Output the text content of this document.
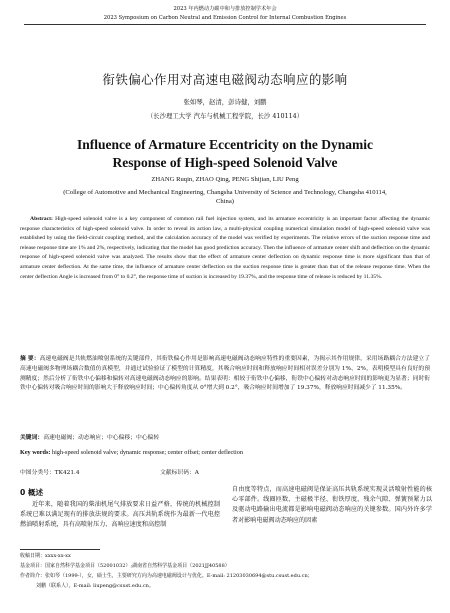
2023 年内燃动力碳中和与排放控制学术年会
2023 Symposium on Carbon Neutral and Emission Control for Internal Combustion Engines
衔铁偏心作用对高速电磁阀动态响应的影响
张如琴，赵清，彭诗健，刘鹏
（长沙理工大学 汽车与机械工程学院，长沙 410114）
Influence of Armature Eccentricity on the Dynamic Response of High-speed Solenoid Valve
ZHANG Ruqin, ZHAO Qing, PENG Shijian, LIU Peng
(College of Automotive and Mechanical Engineering, Changsha University of Science and Technology, Changsha 410114, China)
Abstract: High-speed solenoid valve is a key component of common rail fuel injection system, and its armature eccentricity is an important factor affecting the dynamic response characteristics of high-speed solenoid valve. In order to reveal its action law, a multi-physical coupling numerical simulation model of high-speed solenoid valve was established by using the field-circuit coupling method, and the calculation accuracy of the model was verified by experiments. The relative errors of the suction response time and release response time are 1% and 2%, respectively, indicating that the model has good prediction accuracy. Then the influence of armature center shift and deflection on the dynamic response of high-speed solenoid valve was analyzed. The results show that the effect of armature center deflection on dynamic response time is more significant than that of armature center deflection. At the same time, the influence of armature center deflection on the suction response time is greater than that of the release response time. When the center deflection Angle is increased from 0° to 0.2°, the response time of suction is increased by 19.37%, and the response time of release is reduced by 11.35%.
摘 要：高速电磁阀是共轨燃油喷射系统的关键部件，其衔铁偏心作用是影响高速电磁阀动态响应特性的重要因素，为揭示其作用规律，采用场路耦合方法建立了高速电磁阀多物理场耦合数值仿真模型，并通过试验验证了模型的计算精度，其吸合响应时间和释放响应时间相对误差分别为 1%、2%，表明模型具有良好的预测精度；然后分析了衔铁中心偏移和偏转对高速电磁阀动态响应的影响。结果表明：相较于衔铁中心偏移，衔铁中心偏转对动态响应时间的影响更为显著；同时衔铁中心偏转对吸合响应时间的影响大于释放响应时间；中心偏转角度从 0°增大到 0.2°，吸合响应时间增加了 19.37%，释放响应时间减少了 11.35%。
关键词：高速电磁阀；动态响应；中心偏移；中心偏转
Key words: high-speed solenoid valve; dynamic response; center offset; center deflection
中图分类号：TK421.4	文献标识码：A
0 概述
近年来，随着我国的柴油机尾气排放要求日益严格，传统的机械控制系统已难以满足现有的排放法规的要求。高压共轨系统作为最新一代电控燃油喷射系统，具有高喷射压力、高响应速度和高控制
自由度等特点，而高速电磁阀是保证高压共轨系统实现灵活喷射性能的核心零部件。线圈匝数、主磁极半径、衔铁厚度、残余气隙、弹簧预紧力以及驱动电路输出电流都是影响电磁阀动态响应的关键参数。国内外许多学者对影响电磁阀动态响应的因素
收稿日期：xxxx-xx-xx
基金项目：国家自然科学基金项目（52001032）;湖南省自然科学基金项目（2021JJ40588）
作者简介：张如琴（1999-），女，硕士生，主要研究方向为高速电磁阀设计与优化。E-mail: 21203030694@stu.csust.edu.cn；
刘鹏（联系人），E-mail: liupeng@csust.edu.cn。
